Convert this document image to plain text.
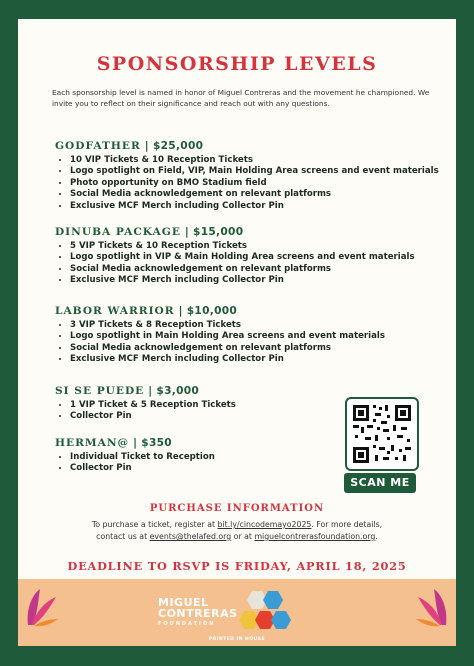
SPONSORSHIP LEVELS
Each sponsorship level is named in honor of Miguel Contreras and the movement he championed. We invite you to reflect on their significance and reach out with any questions.
GODFATHER | $25,000
• 10 VIP Tickets & 10 Reception Tickets
• Logo spotlight on Field, VIP, Main Holding Area screens and event materials
• Photo opportunity on BMO Stadium field
• Social Media acknowledgement on relevant platforms
• Exclusive MCF Merch including Collector Pin
DINUBA PACKAGE | $15,000
• 5 VIP Tickets & 10 Reception Tickets
• Logo spotlight in VIP & Main Holding Area screens and event materials
• Social Media acknowledgement on relevant platforms
• Exclusive MCF Merch including Collector Pin
LABOR WARRIOR | $10,000
• 3 VIP Tickets & 8 Reception Tickets
• Logo spotlight in Main Holding Area screens and event materials
• Social Media acknowledgement on relevant platforms
• Exclusive MCF Merch including Collector Pin
SI SE PUEDE | $3,000
• 1 VIP Ticket & 5 Reception Tickets
• Collector Pin
HERMAN@ | $350
• Individual Ticket to Reception
• Collector Pin
SCAN ME
PURCHASE INFORMATION
To purchase a ticket, register at bit.ly/cincodemayo2025. For more details, contact us at events@thelafed.org or at miguelcontrerasfoundation.org.
DEADLINE TO RSVP IS FRIDAY, APRIL 18, 2025
MIGUEL
CONTRERAS
FOUNDATION
PRINTED IN HOUSE
